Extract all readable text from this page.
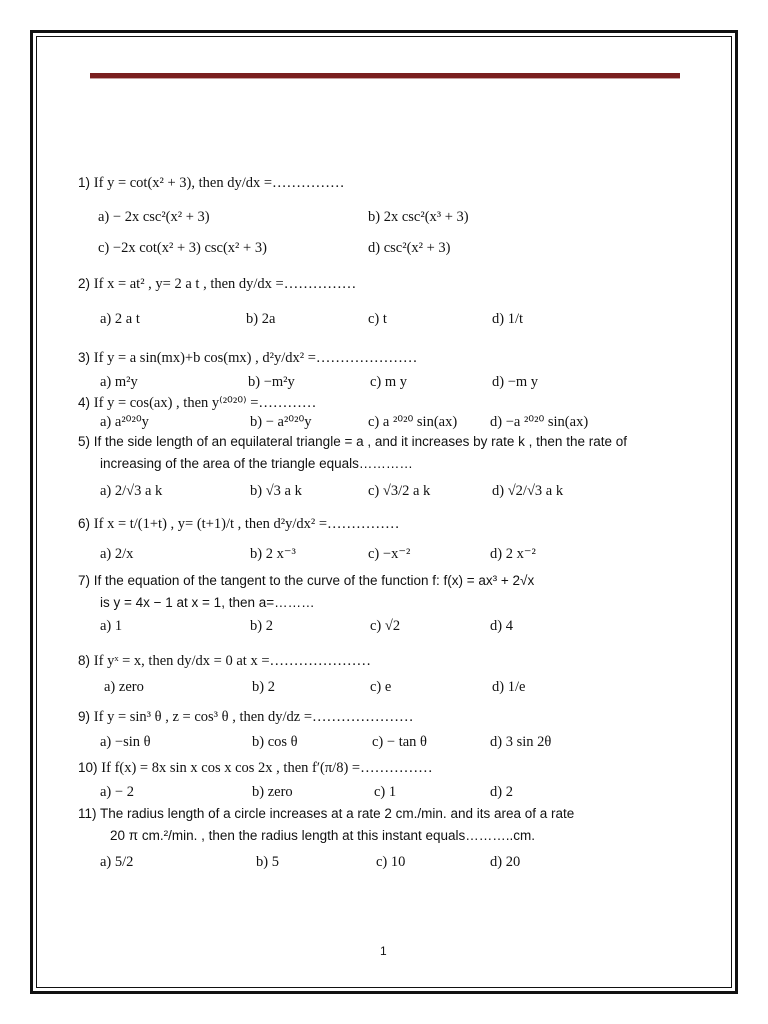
1) If y = cot(x² + 3), then dy/dx =……………
a) − 2x csc²(x² + 3)	b) 2x csc²(x³ + 3)
c) −2x cot(x² + 3) csc(x² + 3)	d) csc²(x² + 3)
2) If x = at² , y= 2 a t , then dy/dx =……………
a) 2 a t	b) 2a	c) t	d) 1/t
3) If y = a sin(mx)+b cos(mx) , d²y/dx² =…………………
a) m²y	b) −m²y	c) m y	d) −m y
4) If y = cos(ax) , then y⁽²⁰²⁰⁾ =…………
a) a²⁰²⁰y	b) − a²⁰²⁰y	c) a ²⁰²⁰ sin(ax) d) −a ²⁰²⁰ sin(ax)
5) If the side length of an equilateral triangle = a , and it increases by rate k , then the rate of
increasing of the area of the triangle equals…………
a) 2/√3 a k	b) √3 a k	c) √3/2 a k	d) √2/√3 a k
6) If x = t/(1+t) , y= (t+1)/t , then d²y/dx² =……………
a) 2/x	b) 2 x⁻³	c) −x⁻²	d) 2 x⁻²
7) If the equation of the tangent to the curve of the function f: f(x) = ax³ + 2√x
is y = 4x − 1 at x = 1, then a=………
a) 1	b) 2	c) √2	d) 4
8) If yˣ = x, then dy/dx = 0 at x =…………………
a) zero	b) 2	c) e	d) 1/e
9) If y = sin³ θ , z = cos³ θ , then dy/dz =…………………
a) −sin θ	b) cos θ	c) − tan θ	d) 3 sin 2θ
10) If f(x) = 8x sin x cos x cos 2x , then f′(π/8) =……………
a) − 2	b) zero	c) 1	d) 2
11) The radius length of a circle increases at a rate 2 cm./min. and its area of a rate
20 π cm.²/min. , then the radius length at this instant equals………..cm.
a) 5/2	b) 5	c) 10	d) 20
1
